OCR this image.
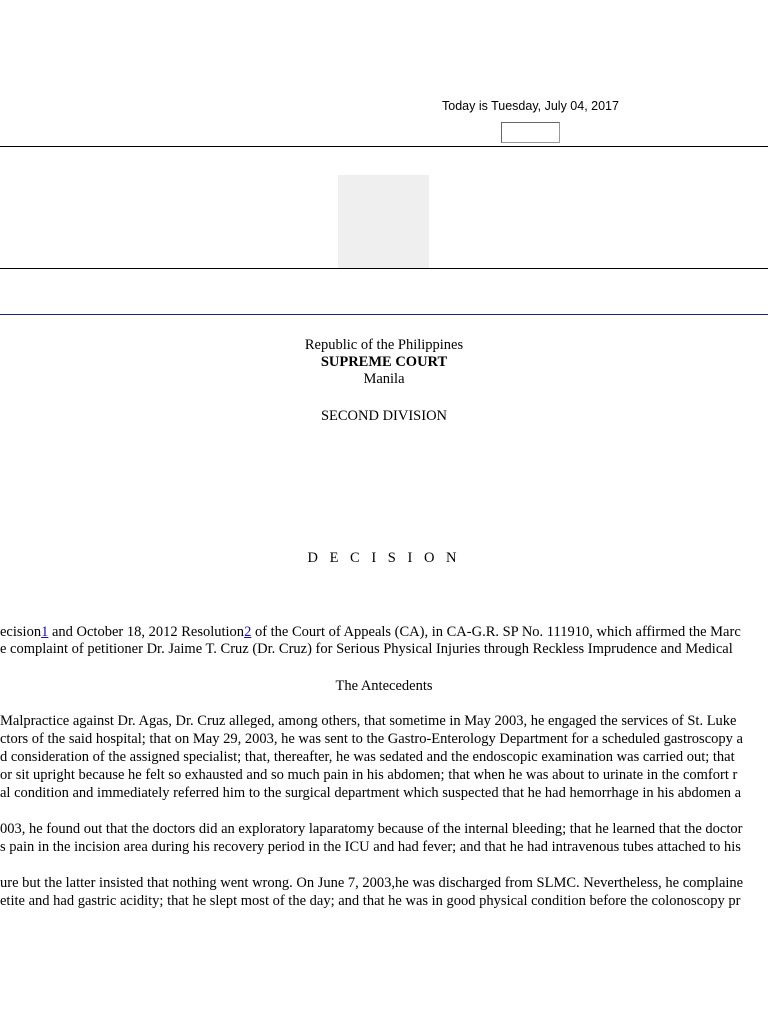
Today is Tuesday, July 04, 2017
Republic of the Philippines
SUPREME COURT
Manila
SECOND DIVISION
D E C I S I O N
ecision1 and October 18, 2012 Resolution2 of the Court of Appeals (CA), in CA-G.R. SP No. 111910, which affirmed the Marc
e complaint of petitioner Dr. Jaime T. Cruz (Dr. Cruz) for Serious Physical Injuries through Reckless Imprudence and Medical
The Antecedents
Malpractice against Dr. Agas, Dr. Cruz alleged, among others, that sometime in May 2003, he engaged the services of St. Luke
ctors of the said hospital; that on May 29, 2003, he was sent to the Gastro-Enterology Department for a scheduled gastroscopy a
d consideration of the assigned specialist; that, thereafter, he was sedated and the endoscopic examination was carried out; that
or sit upright because he felt so exhausted and so much pain in his abdomen; that when he was about to urinate in the comfort r
al condition and immediately referred him to the surgical department which suspected that he had hemorrhage in his abdomen a
003, he found out that the doctors did an exploratory laparatomy because of the internal bleeding; that he learned that the doctor
s pain in the incision area during his recovery period in the ICU and had fever; and that he had intravenous tubes attached to his
ure but the latter insisted that nothing went wrong. On June 7, 2003,he was discharged from SLMC. Nevertheless, he complaine
etite and had gastric acidity; that he slept most of the day; and that he was in good physical condition before the colonoscopy pr
